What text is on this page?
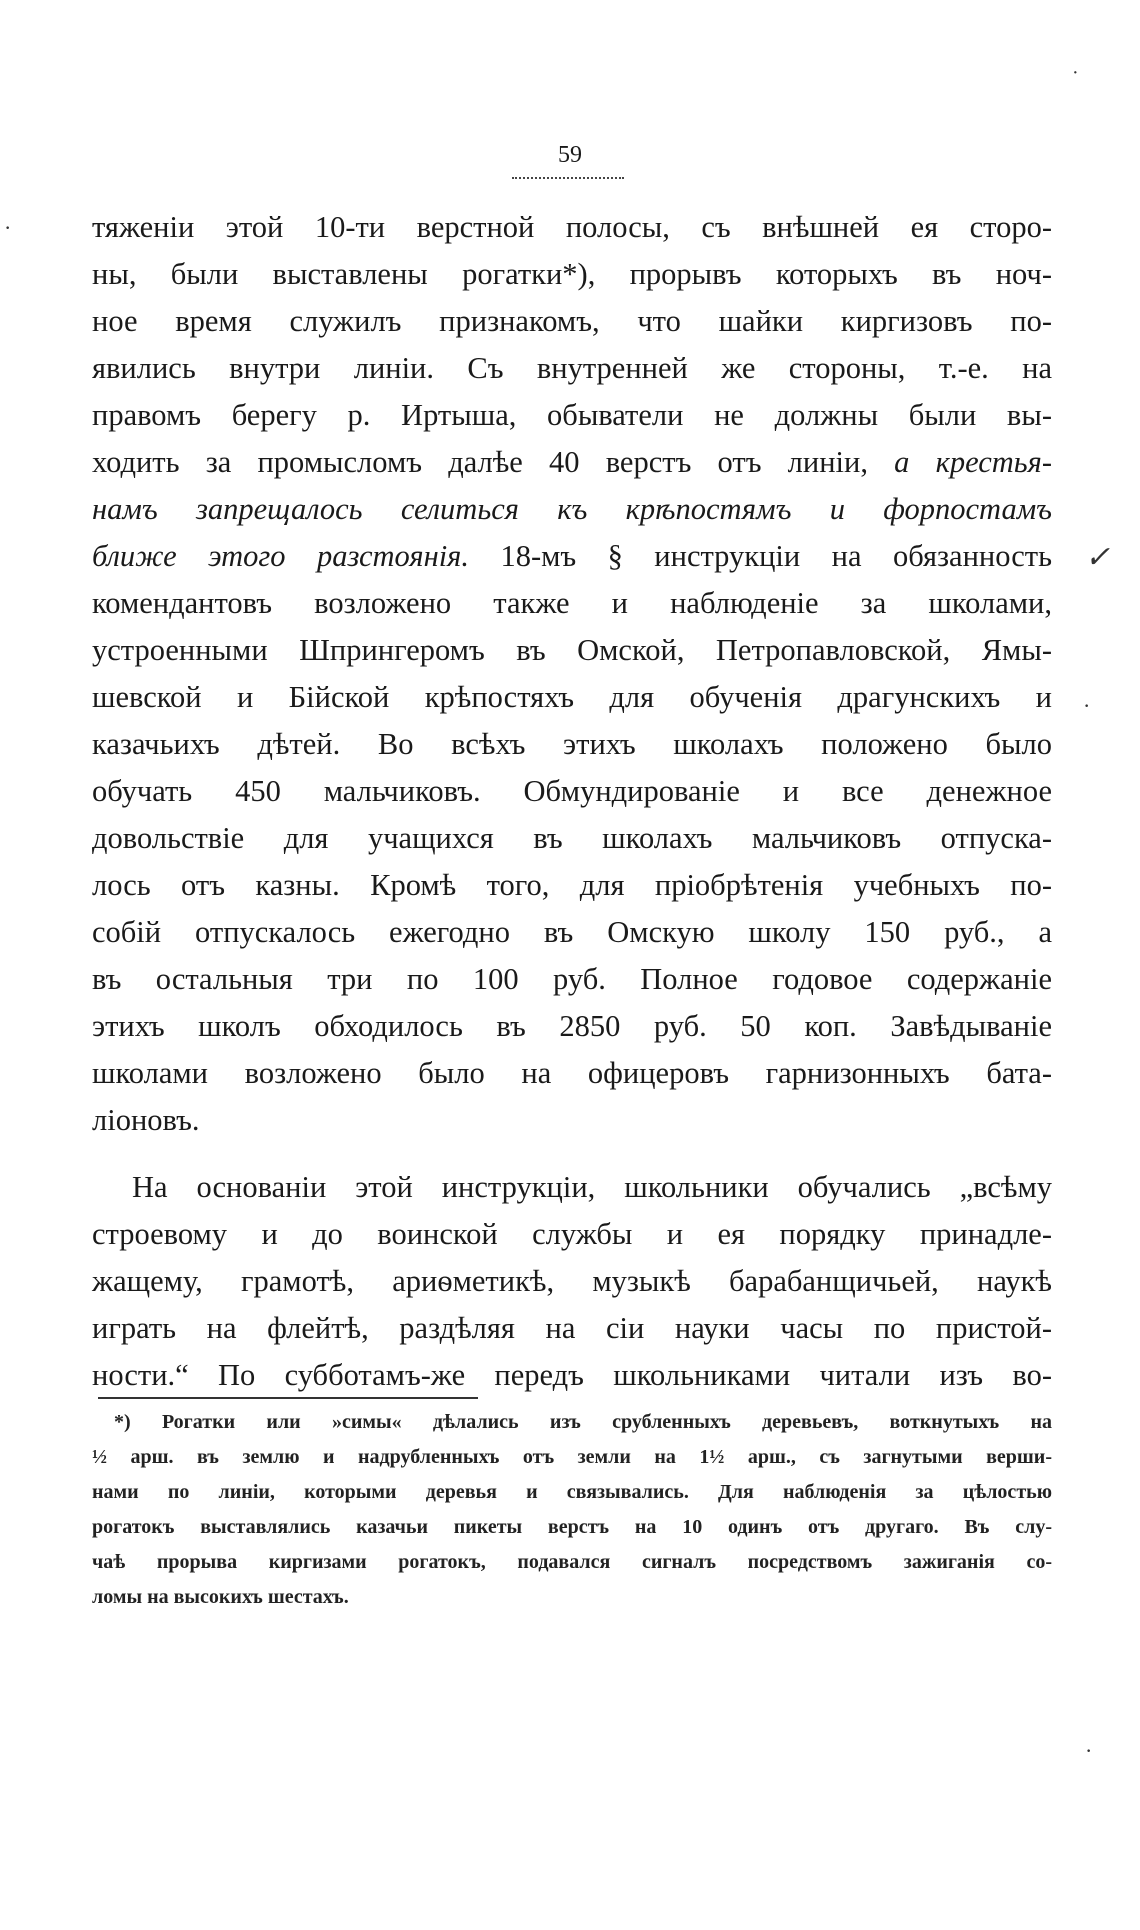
59
тяженіи этой 10-ти верстной полосы, съ внѣшней ея сторо-
ны, были выставлены рогатки*), прорывъ которыхъ въ ноч-
ное время служилъ признакомъ, что шайки киргизовъ по-
явились внутри линіи. Съ внутренней же стороны, т.-е. на
правомъ берегу р. Иртыша, обыватели не должны были вы-
ходить за промысломъ далѣе 40 верстъ отъ линіи, а крестья-
намъ запрещалось селиться къ крѣпостямъ и форпостамъ
ближе этого разстоянія. 18-мъ § инструкціи на обязанность
комендантовъ возложено также и наблюденіе за школами,
устроенными Шпрингеромъ въ Омской, Петропавловской, Ямы-
шевской и Бійской крѣпостяхъ для обученія драгунскихъ и
казачьихъ дѣтей. Во всѣхъ этихъ школахъ положено было
обучать 450 мальчиковъ. Обмундированіе и все денежное
довольствіе для учащихся въ школахъ мальчиковъ отпуска-
лось отъ казны. Кромѣ того, для пріобрѣтенія учебныхъ по-
собій отпускалось ежегодно въ Омскую школу 150 руб., а
въ остальныя три по 100 руб. Полное годовое содержаніе
этихъ школъ обходилось въ 2850 руб. 50 коп. Завѣдываніе
школами возложено было на офицеровъ гарнизонныхъ бата-
ліоновъ.
На основаніи этой инструкціи, школьники обучались „всѣму
строевому и до воинской службы и ея порядку принадле-
жащему, грамотѣ, ариѳметикѣ, музыкѣ барабанщичьей, наукѣ
играть на флейтѣ, раздѣляя на сіи науки часы по пристой-
ности.“ По субботамъ-же передъ школьниками читали изъ во-
*) Рогатки или »симы« дѣлались изъ срубленныхъ деревьевъ, воткнутыхъ на
½ арш. въ землю и надрубленныхъ отъ земли на 1½ арш., съ загнутыми верши-
нами по линіи, которыми деревья и связывались. Для наблюденія за цѣлостью
рогатокъ выставлялись казачьи пикеты верстъ на 10 одинъ отъ другаго. Въ слу-
чаѣ прорыва киргизами рогатокъ, подавался сигналъ посредствомъ зажиганія со-
ломы на высокихъ шестахъ.
✓
·
·
·
·
